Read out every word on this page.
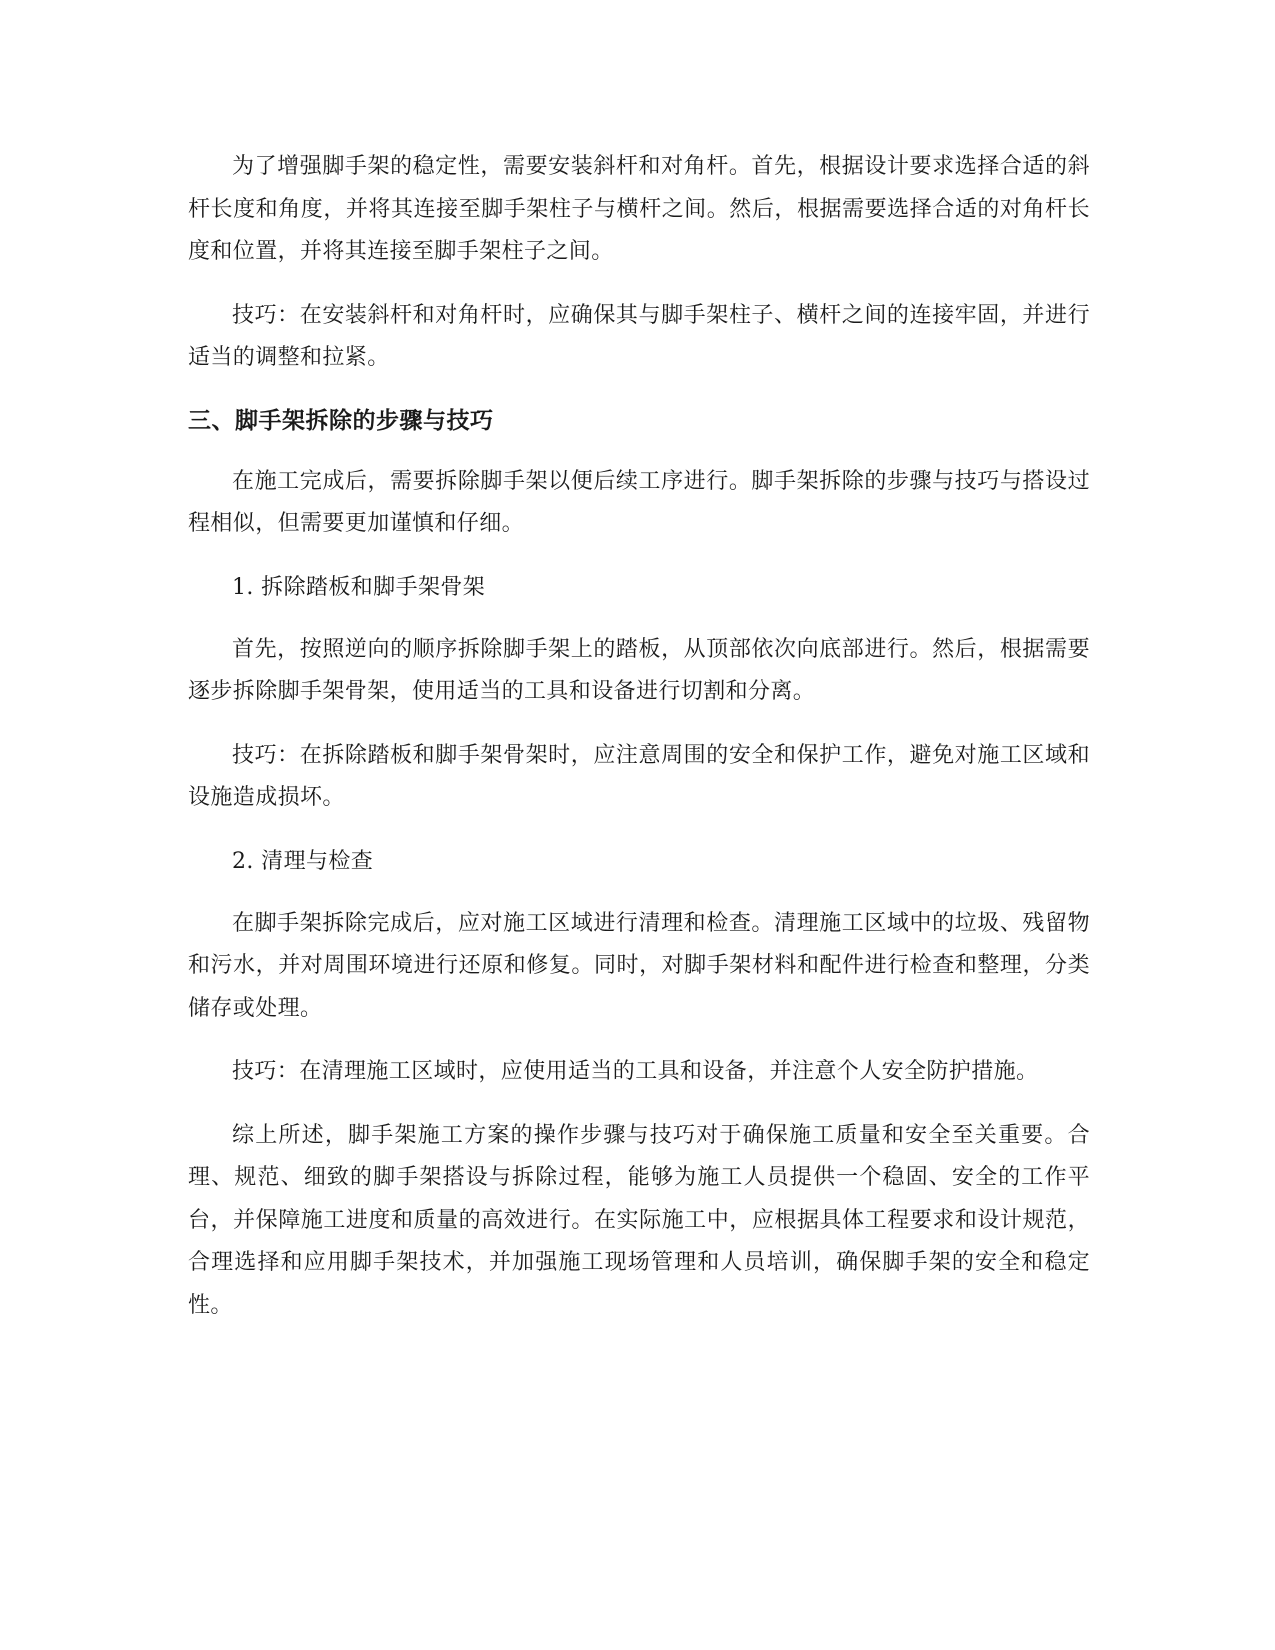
为了增强脚手架的稳定性，需要安装斜杆和对角杆。首先，根据设计要求选择合适的斜杆长度和角度，并将其连接至脚手架柱子与横杆之间。然后，根据需要选择合适的对角杆长度和位置，并将其连接至脚手架柱子之间。

技巧：在安装斜杆和对角杆时，应确保其与脚手架柱子、横杆之间的连接牢固，并进行适当的调整和拉紧。

三、脚手架拆除的步骤与技巧

在施工完成后，需要拆除脚手架以便后续工序进行。脚手架拆除的步骤与技巧与搭设过程相似，但需要更加谨慎和仔细。

1. 拆除踏板和脚手架骨架

首先，按照逆向的顺序拆除脚手架上的踏板，从顶部依次向底部进行。然后，根据需要逐步拆除脚手架骨架，使用适当的工具和设备进行切割和分离。

技巧：在拆除踏板和脚手架骨架时，应注意周围的安全和保护工作，避免对施工区域和设施造成损坏。

2. 清理与检查

在脚手架拆除完成后，应对施工区域进行清理和检查。清理施工区域中的垃圾、残留物和污水，并对周围环境进行还原和修复。同时，对脚手架材料和配件进行检查和整理，分类储存或处理。

技巧：在清理施工区域时，应使用适当的工具和设备，并注意个人安全防护措施。

综上所述，脚手架施工方案的操作步骤与技巧对于确保施工质量和安全至关重要。合理、规范、细致的脚手架搭设与拆除过程，能够为施工人员提供一个稳固、安全的工作平台，并保障施工进度和质量的高效进行。在实际施工中，应根据具体工程要求和设计规范，合理选择和应用脚手架技术，并加强施工现场管理和人员培训，确保脚手架的安全和稳定性。
